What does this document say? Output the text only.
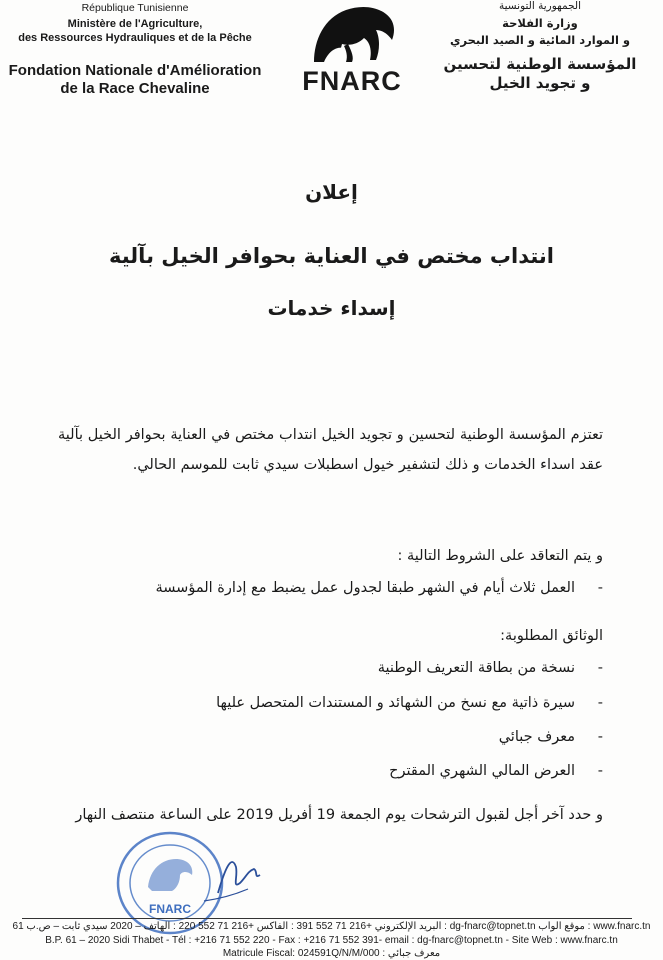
République Tunisienne
Ministère de l'Agriculture,
des Ressources Hydrauliques et de la Pêche
Fondation Nationale d'Amélioration
de la Race Chevaline	FNARC
الجمهورية التونسية
وزارة الفلاحة
و الموارد المائية و الصيد البحري
المؤسسة الوطنية لتحسين
و تجويد الخيل
إعلان
انتداب مختص في العناية بحوافر الخيل بآلية
إسداء خدمات
تعتزم المؤسسة الوطنية لتحسين و تجويد الخيل انتداب مختص في العناية بحوافر الخيل بآلية عقد اسداء الخدمات و ذلك لتشفير خيول اسطبلات سيدي ثابت للموسم الحالي.
و يتم التعاقد على الشروط التالية :
-العمل ثلاث أيام في الشهر طبقا لجدول عمل يضبط مع إدارة المؤسسة
الوثائق المطلوبة:
-نسخة من بطاقة التعريف الوطنية
-سيرة ذاتية مع نسخ من الشهائد و المستندات المتحصل عليها
-معرف جبائي
-العرض المالي الشهري المقترح
و حدد آخر أجل لقبول الترشحات يوم الجمعة 19 أفريل 2019 على الساعة منتصف النهار
FNARC
www.fnarc.tn : موقع الواب dg-fnarc@topnet.tn : البريد الإلكتروني +216 71 552 391 : الفاكس +216 71 552 220 : الهاتف – 2020 سيدي ثابت – ص.ب 61
B.P. 61 – 2020 Sidi Thabet - Tél : +216 71 552 220 - Fax : +216 71 552 391- email : dg-fnarc@topnet.tn - Site Web : www.fnarc.tn
Matricule Fiscal: 024591Q/N/M/000 : معرف جبائي
